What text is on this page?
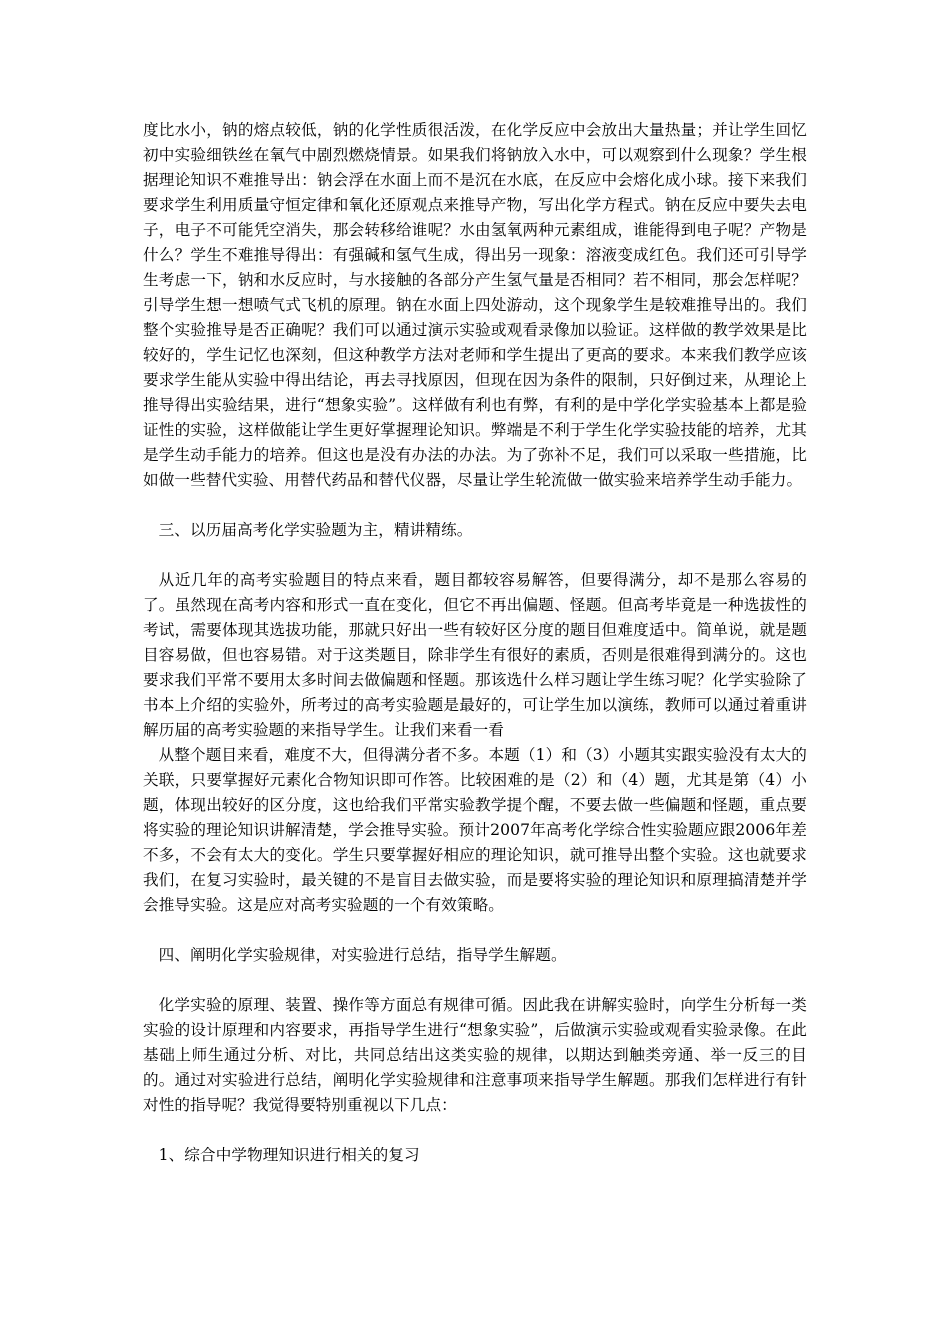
度比水小，钠的熔点较低，钠的化学性质很活泼，在化学反应中会放出大量热量；并让学生回忆初中实验细铁丝在氧气中剧烈燃烧情景。如果我们将钠放入水中，可以观察到什么现象？学生根据理论知识不难推导出：钠会浮在水面上而不是沉在水底，在反应中会熔化成小球。接下来我们要求学生利用质量守恒定律和氧化还原观点来推导产物，写出化学方程式。钠在反应中要失去电子，电子不可能凭空消失，那会转移给谁呢？水由氢氧两种元素组成，谁能得到电子呢？产物是什么？学生不难推导得出：有强碱和氢气生成，得出另一现象：溶液变成红色。我们还可引导学生考虑一下，钠和水反应时，与水接触的各部分产生氢气量是否相同？若不相同，那会怎样呢？引导学生想一想喷气式飞机的原理。钠在水面上四处游动，这个现象学生是较难推导出的。我们整个实验推导是否正确呢？我们可以通过演示实验或观看录像加以验证。这样做的教学效果是比较好的，学生记忆也深刻，但这种教学方法对老师和学生提出了更高的要求。本来我们教学应该要求学生能从实验中得出结论，再去寻找原因，但现在因为条件的限制，只好倒过来，从理论上推导得出实验结果，进行“想象实验”。这样做有利也有弊，有利的是中学化学实验基本上都是验证性的实验，这样做能让学生更好掌握理论知识。弊端是不利于学生化学实验技能的培养，尤其是学生动手能力的培养。但这也是没有办法的办法。为了弥补不足，我们可以采取一些措施，比如做一些替代实验、用替代药品和替代仪器，尽量让学生轮流做一做实验来培养学生动手能力。

三、以历届高考化学实验题为主，精讲精练。

从近几年的高考实验题目的特点来看，题目都较容易解答，但要得满分，却不是那么容易的了。虽然现在高考内容和形式一直在变化，但它不再出偏题、怪题。但高考毕竟是一种选拔性的考试，需要体现其选拔功能，那就只好出一些有较好区分度的题目但难度适中。简单说，就是题目容易做，但也容易错。对于这类题目，除非学生有很好的素质，否则是很难得到满分的。这也要求我们平常不要用太多时间去做偏题和怪题。那该选什么样习题让学生练习呢？化学实验除了书本上介绍的实验外，所考过的高考实验题是最好的，可让学生加以演练，教师可以通过着重讲解历届的高考实验题的来指导学生。让我们来看一看

从整个题目来看，难度不大，但得满分者不多。本题（1）和（3）小题其实跟实验没有太大的关联，只要掌握好元素化合物知识即可作答。比较困难的是（2）和（4）题，尤其是第（4）小题，体现出较好的区分度，这也给我们平常实验教学提个醒，不要去做一些偏题和怪题，重点要将实验的理论知识讲解清楚，学会推导实验。预计2007年高考化学综合性实验题应跟2006年差不多，不会有太大的变化。学生只要掌握好相应的理论知识，就可推导出整个实验。这也就要求我们，在复习实验时，最关键的不是盲目去做实验，而是要将实验的理论知识和原理搞清楚并学会推导实验。这是应对高考实验题的一个有效策略。

四、阐明化学实验规律，对实验进行总结，指导学生解题。

化学实验的原理、装置、操作等方面总有规律可循。因此我在讲解实验时，向学生分析每一类实验的设计原理和内容要求，再指导学生进行“想象实验”，后做演示实验或观看实验录像。在此基础上师生通过分析、对比，共同总结出这类实验的规律，以期达到触类旁通、举一反三的目的。通过对实验进行总结，阐明化学实验规律和注意事项来指导学生解题。那我们怎样进行有针对性的指导呢？我觉得要特别重视以下几点：

1、综合中学物理知识进行相关的复习
